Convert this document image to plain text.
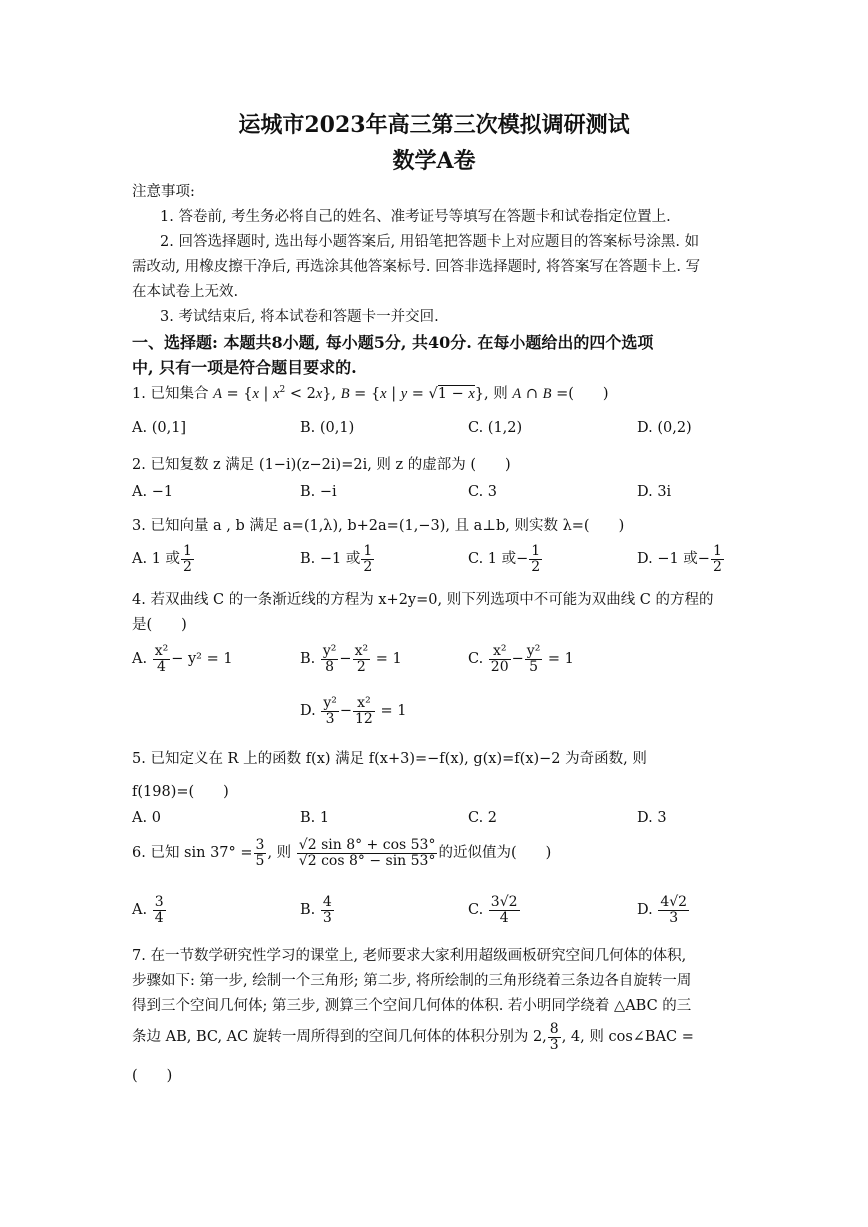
运城市2023年高三第三次模拟调研测试
数学A卷
注意事项:
1. 答卷前, 考生务必将自己的姓名、准考证号等填写在答题卡和试卷指定位置上.
2. 回答选择题时, 选出每小题答案后, 用铅笔把答题卡上对应题目的答案标号涂黑. 如
需改动, 用橡皮擦干净后, 再选涂其他答案标号. 回答非选择题时, 将答案写在答题卡上. 写
在本试卷上无效.
3. 考试结束后, 将本试卷和答题卡一并交回.
一、选择题: 本题共8小题, 每小题5分, 共40分. 在每小题给出的四个选项
中, 只有一项是符合题目要求的.
1. 已知集合 A = {x | $x^2 < 2x$}, B = {x | y = √1 − x}, 则 A ∩ B =(　　)
A. (0,1]	B. (0,1)	C. (1,2)	D. (0,2)
2. 已知复数 z 满足 (1−i)(z−2i)=2i, 则 z 的虚部为 (　　)
A. −1	B. −i	C. 3	D. 3i
3. 已知向量 a , b 满足 a=(1,λ), b+2a=(1,−3), 且 a⊥b, 则实数 λ=(　　)
A. 1 或 $\frac{1}{2}$	B. −1 或 $\frac{1}{2}$	C. 1 或− $\frac{1}{2}$	D. −1 或− $\frac{1}{2}$
4. 若双曲线 C 的一条渐近线的方程为 x+2y=0, 则下列选项中不可能为双曲线 C 的方程的
是(　　)
A. $\frac{\text{x²}}{4} - y^2 = 1$	B. $\frac{\text{y²}}{8} - \frac{\text{x²}}{2} = 1$	C. $\frac{\text{x²}}{20} - \frac{\text{y²}}{5} = 1$
D. $\frac{\text{y²}}{3} - \frac{\text{x²}}{12} = 1$
5. 已知定义在 R 上的函数 f(x) 满足 f(x+3)=−f(x), g(x)=f(x)−2 为奇函数, 则
f(198)=(　　)
A. 0	B. 1	C. 2	D. 3
6. 已知 $\sin 37^\circ = \frac{3}{5}$ , 则 $\frac{√2 \sin 8^\circ + \cos 53^\circ}{√2 \cos 8^\circ - \sin 53^\circ}$ 的近似值为(　　)
A. $\frac{3}{4}$	B. $\frac{4}{3}$	C. $\frac{3√2}{4}$	D. $\frac{4√2}{3}$
7. 在一节数学研究性学习的课堂上, 老师要求大家利用超级画板研究空间几何体的体积,
步骤如下: 第一步, 绘制一个三角形; 第二步, 将所绘制的三角形绕着三条边各自旋转一周
得到三个空间几何体; 第三步, 测算三个空间几何体的体积. 若小明同学绕着 △ABC 的三
条边 AB, BC, AC 旋转一周所得到的空间几何体的体积分别为 2, $\frac{8}{3}$ , 4, 则 cos∠BAC =
(　　)
